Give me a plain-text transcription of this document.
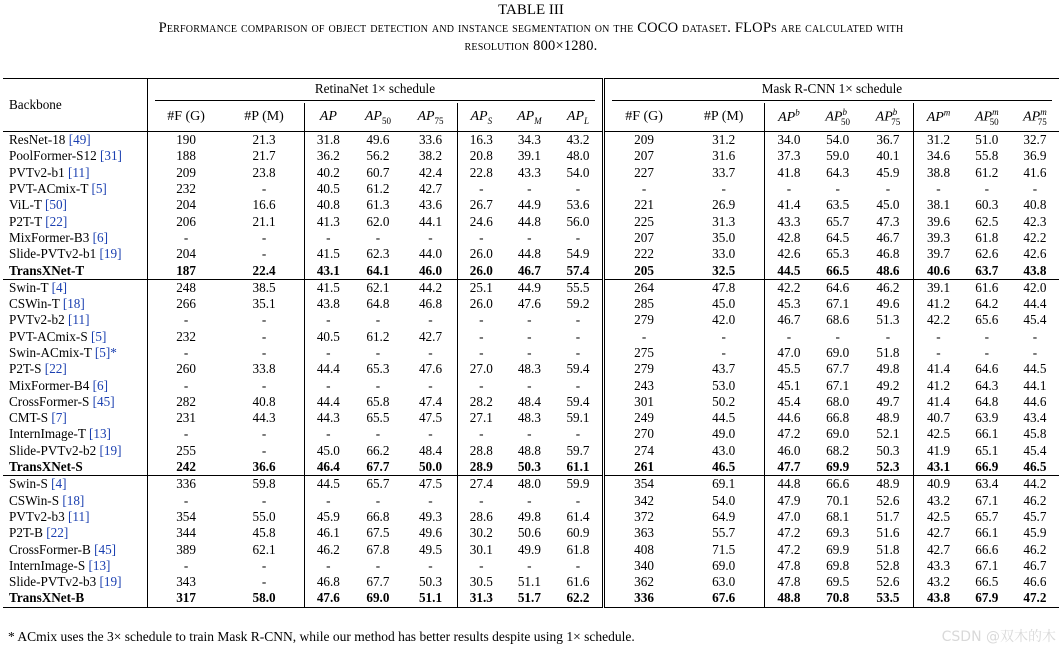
TABLE III
Performance comparison of object detection and instance segmentation on the COCO dataset. FLOPs are calculated with
resolution 800×1280.
Backbone	RetinaNet 1× schedule								Mask R-CNN 1× schedule							
	#F (G)	#P (M)	AP	$AP_{50}$	$AP_{75}$	$AP_S$	$AP_M$	$AP_L$	#F (G)	#P (M)	$AP^b$	$AP^b_{50}$	$AP^b_{75}$	$AP^m$	$AP^m_{50}$	$AP^m_{75}$
ResNet-18 [49]	190	21.3	31.8	49.6	33.6	16.3	34.3	43.2	209	31.2	34.0	54.0	36.7	31.2	51.0	32.7
PoolFormer-S12 [31]	188	21.7	36.2	56.2	38.2	20.8	39.1	48.0	207	31.6	37.3	59.0	40.1	34.6	55.8	36.9
PVTv2-b1 [11]	209	23.8	40.2	60.7	42.4	22.8	43.3	54.0	227	33.7	41.8	64.3	45.9	38.8	61.2	41.6
PVT-ACmix-T [5]	232	-	40.5	61.2	42.7	-	-	-	-	-	-	-	-	-	-	-
ViL-T [50]	204	16.6	40.8	61.3	43.6	26.7	44.9	53.6	221	26.9	41.4	63.5	45.0	38.1	60.3	40.8
P2T-T [22]	206	21.1	41.3	62.0	44.1	24.6	44.8	56.0	225	31.3	43.3	65.7	47.3	39.6	62.5	42.3
MixFormer-B3 [6]	-	-	-	-	-	-	-	-	207	35.0	42.8	64.5	46.7	39.3	61.8	42.2
Slide-PVTv2-b1 [19]	204	-	41.5	62.3	44.0	26.0	44.8	54.9	222	33.0	42.6	65.3	46.8	39.7	62.6	42.6
TransXNet-T	187	22.4	43.1	64.1	46.0	26.0	46.7	57.4	205	32.5	44.5	66.5	48.6	40.6	63.7	43.8
Swin-T [4]	248	38.5	41.5	62.1	44.2	25.1	44.9	55.5	264	47.8	42.2	64.6	46.2	39.1	61.6	42.0
CSWin-T [18]	266	35.1	43.8	64.8	46.8	26.0	47.6	59.2	285	45.0	45.3	67.1	49.6	41.2	64.2	44.4
PVTv2-b2 [11]	-	-	-	-	-	-	-	-	279	42.0	46.7	68.6	51.3	42.2	65.6	45.4
PVT-ACmix-S [5]	232	-	40.5	61.2	42.7	-	-	-	-	-	-	-	-	-	-	-
Swin-ACmix-T [5]*	-	-	-	-	-	-	-	-	275	-	47.0	69.0	51.8	-	-	-
P2T-S [22]	260	33.8	44.4	65.3	47.6	27.0	48.3	59.4	279	43.7	45.5	67.7	49.8	41.4	64.6	44.5
MixFormer-B4 [6]	-	-	-	-	-	-	-	-	243	53.0	45.1	67.1	49.2	41.2	64.3	44.1
CrossFormer-S [45]	282	40.8	44.4	65.8	47.4	28.2	48.4	59.4	301	50.2	45.4	68.0	49.7	41.4	64.8	44.6
CMT-S [7]	231	44.3	44.3	65.5	47.5	27.1	48.3	59.1	249	44.5	44.6	66.8	48.9	40.7	63.9	43.4
InternImage-T [13]	-	-	-	-	-	-	-	-	270	49.0	47.2	69.0	52.1	42.5	66.1	45.8
Slide-PVTv2-b2 [19]	255	-	45.0	66.2	48.4	28.8	48.8	59.7	274	43.0	46.0	68.2	50.3	41.9	65.1	45.4
TransXNet-S	242	36.6	46.4	67.7	50.0	28.9	50.3	61.1	261	46.5	47.7	69.9	52.3	43.1	66.9	46.5
Swin-S [4]	336	59.8	44.5	65.7	47.5	27.4	48.0	59.9	354	69.1	44.8	66.6	48.9	40.9	63.4	44.2
CSWin-S [18]	-	-	-	-	-	-	-	-	342	54.0	47.9	70.1	52.6	43.2	67.1	46.2
PVTv2-b3 [11]	354	55.0	45.9	66.8	49.3	28.6	49.8	61.4	372	64.9	47.0	68.1	51.7	42.5	65.7	45.7
P2T-B [22]	344	45.8	46.1	67.5	49.6	30.2	50.6	60.9	363	55.7	47.2	69.3	51.6	42.7	66.1	45.9
CrossFormer-B [45]	389	62.1	46.2	67.8	49.5	30.1	49.9	61.8	408	71.5	47.2	69.9	51.8	42.7	66.6	46.2
InternImage-S [13]	-	-	-	-	-	-	-	-	340	69.0	47.8	69.8	52.8	43.3	67.1	46.7
Slide-PVTv2-b3 [19]	343	-	46.8	67.7	50.3	30.5	51.1	61.6	362	63.0	47.8	69.5	52.6	43.2	66.5	46.6
TransXNet-B	317	58.0	47.6	69.0	51.1	31.3	51.7	62.2	336	67.6	48.8	70.8	53.5	43.8	67.9	47.2
* ACmix uses the 3× schedule to train Mask R-CNN, while our method has better results despite using 1× schedule.	CSDN @双木的木
